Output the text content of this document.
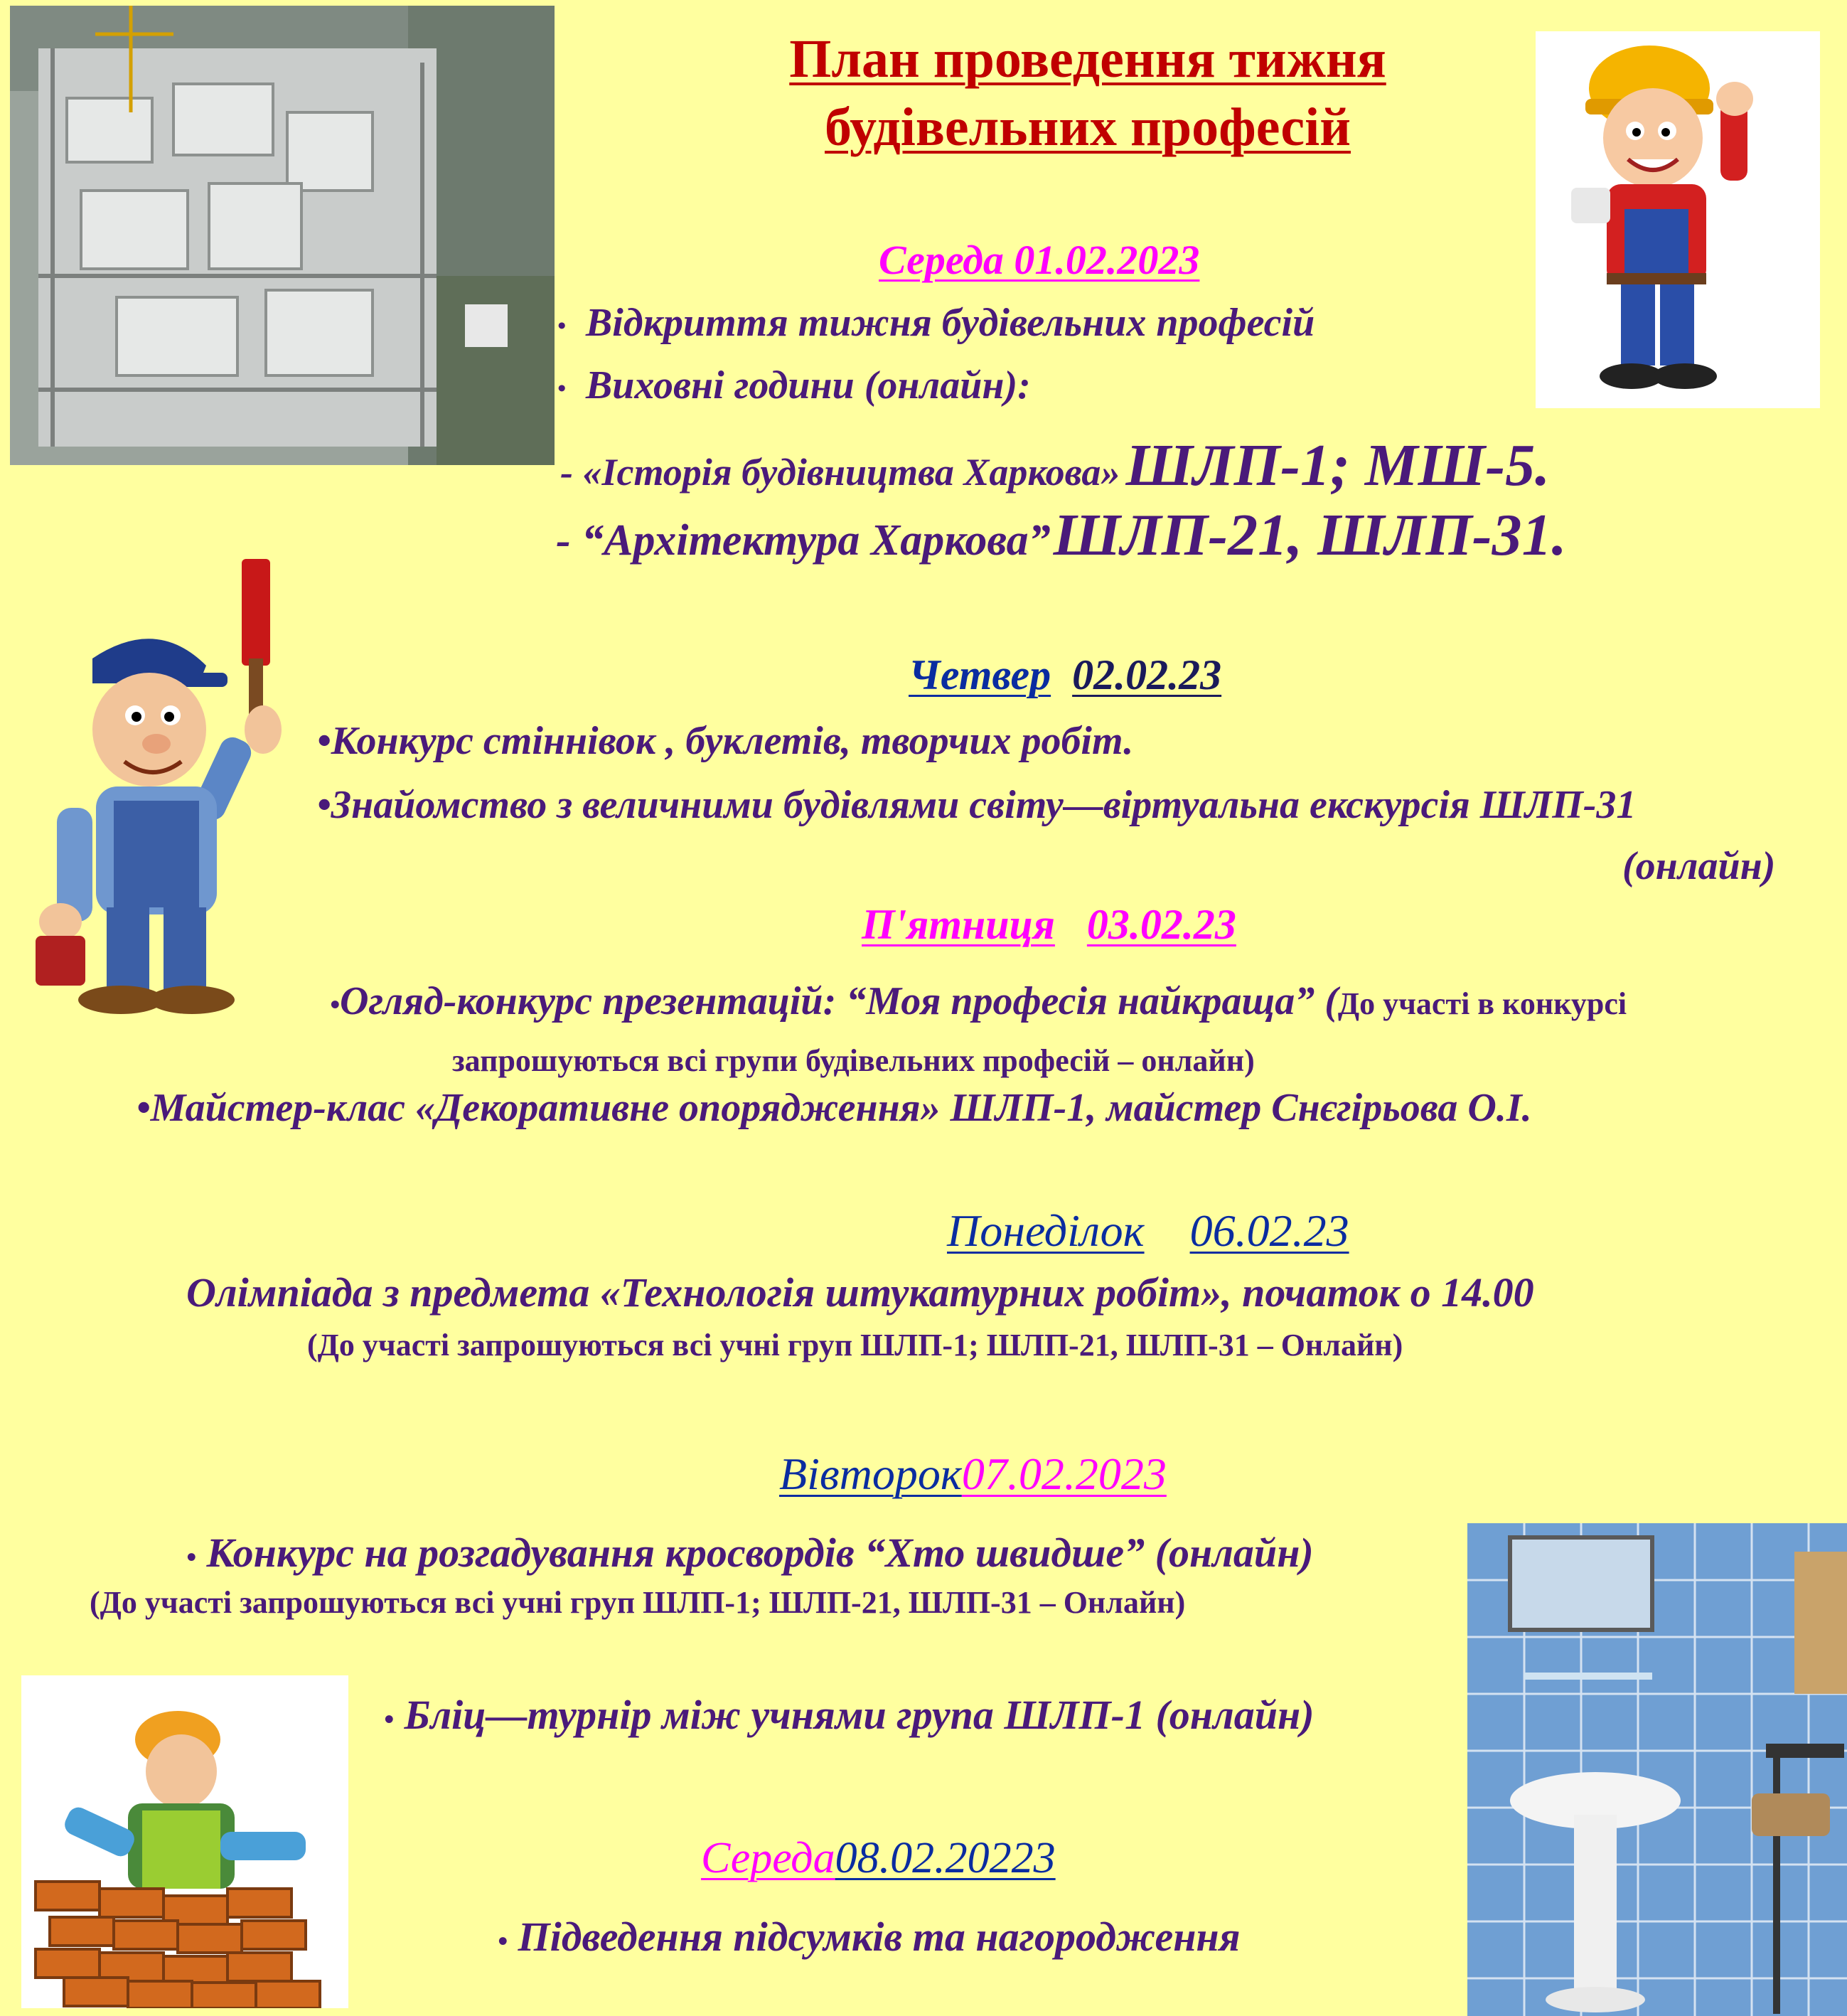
План проведення тижня
будівельних професій
Середа 01.02.2023
• Відкриття тижня будівельних професій
• Виховні години (онлайн):
- «Історія будівництва Харкова»  ШЛП-1; МШ-5.
- “Архітектура Харкова” ШЛП-21, ШЛП-31.
Четвер 02.02.23
•Конкурс стіннівок , буклетів, творчих робіт.
•Знайомство з величними будівлями світу—віртуальна екскурсія ШЛП-31
(онлайн)
П'ятниця 03.02.23
•Огляд-конкурс презентацій: “Моя професія найкраща” (До участі в конкурсі
запрошуються всі групи будівельних професій – онлайн)
•Майстер-клас «Декоративне опорядження» ШЛП-1, майстер Снєгірьова О.І.
Понеділок 06.02.23
Олімпіада з предмета «Технологія штукатурних робіт», початок о 14.00
(До участі запрошуються всі учні груп ШЛП-1; ШЛП-21, ШЛП-31 – Онлайн)
Вівторок07.02.2023
• Конкурс на розгадування кросвордів “Хто швидше” (онлайн)
(До участі запрошуються всі учні груп ШЛП-1; ШЛП-21, ШЛП-31 – Онлайн)
• Бліц—турнір між учнями група ШЛП-1 (онлайн)
Середа08.02.20223
• Підведення підсумків та нагородження
